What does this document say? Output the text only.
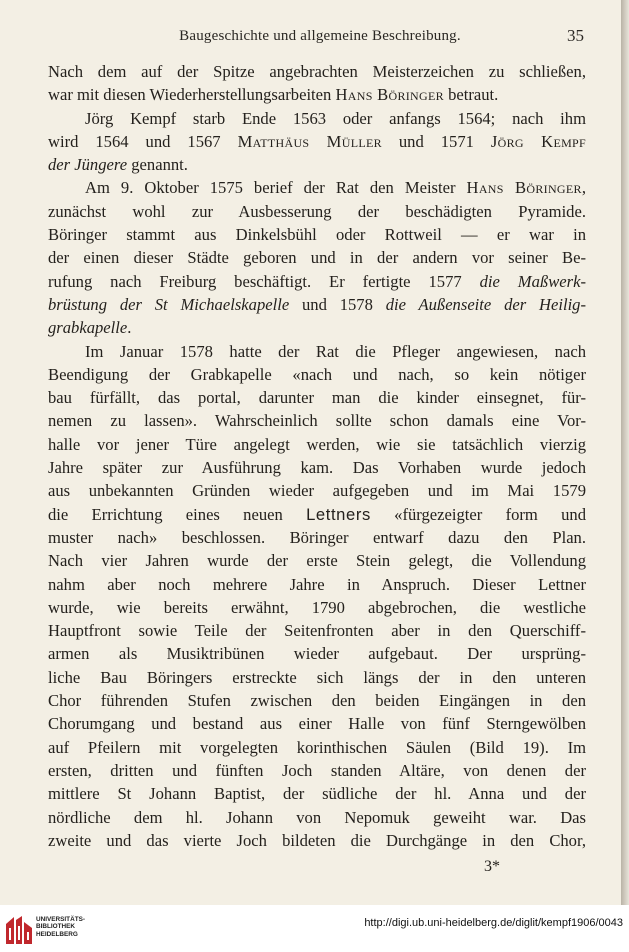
Baugeschichte und allgemeine Beschreibung.	35
Nach dem auf der Spitze angebrachten Meisterzeichen zu schließen,
war mit diesen Wiederherstellungsarbeiten Hans Böringer betraut.
Jörg Kempf starb Ende 1563 oder anfangs 1564; nach ihm
wird 1564 und 1567 Matthäus Müller und 1571 Jörg Kempf
der Jüngere genannt.
Am 9. Oktober 1575 berief der Rat den Meister Hans Böringer,
zunächst wohl zur Ausbesserung der beschädigten Pyramide.
Böringer stammt aus Dinkelsbühl oder Rottweil — er war in
der einen dieser Städte geboren und in der andern vor seiner Be-
rufung nach Freiburg beschäftigt. Er fertigte 1577 die Maßwerk-
brüstung der St Michaelskapelle und 1578 die Außenseite der Heilig-
grabkapelle.
Im Januar 1578 hatte der Rat die Pfleger angewiesen, nach
Beendigung der Grabkapelle «nach und nach, so kein nötiger
bau fürfällt, das portal, darunter man die kinder einsegnet, für-
nemen zu lassen». Wahrscheinlich sollte schon damals eine Vor-
halle vor jener Türe angelegt werden, wie sie tatsächlich vierzig
Jahre später zur Ausführung kam. Das Vorhaben wurde jedoch
aus unbekannten Gründen wieder aufgegeben und im Mai 1579
die Errichtung eines neuen Lettners «fürgezeigter form und
muster nach» beschlossen. Böringer entwarf dazu den Plan.
Nach vier Jahren wurde der erste Stein gelegt, die Vollendung
nahm aber noch mehrere Jahre in Anspruch. Dieser Lettner
wurde, wie bereits erwähnt, 1790 abgebrochen, die westliche
Hauptfront sowie Teile der Seitenfronten aber in den Querschiff-
armen als Musiktribünen wieder aufgebaut. Der ursprüng-
liche Bau Böringers erstreckte sich längs der in den unteren
Chor führenden Stufen zwischen den beiden Eingängen in den
Chorumgang und bestand aus einer Halle von fünf Sterngewölben
auf Pfeilern mit vorgelegten korinthischen Säulen (Bild 19). Im
ersten, dritten und fünften Joch standen Altäre, von denen der
mittlere St Johann Baptist, der südliche der hl. Anna und der
nördliche dem hl. Johann von Nepomuk geweiht war. Das
zweite und das vierte Joch bildeten die Durchgänge in den Chor,
3*
UNIVERSITÄTS-
BIBLIOTHEK
HEIDELBERG
http://digi.ub.uni-heidelberg.de/diglit/kempf1906/0043
